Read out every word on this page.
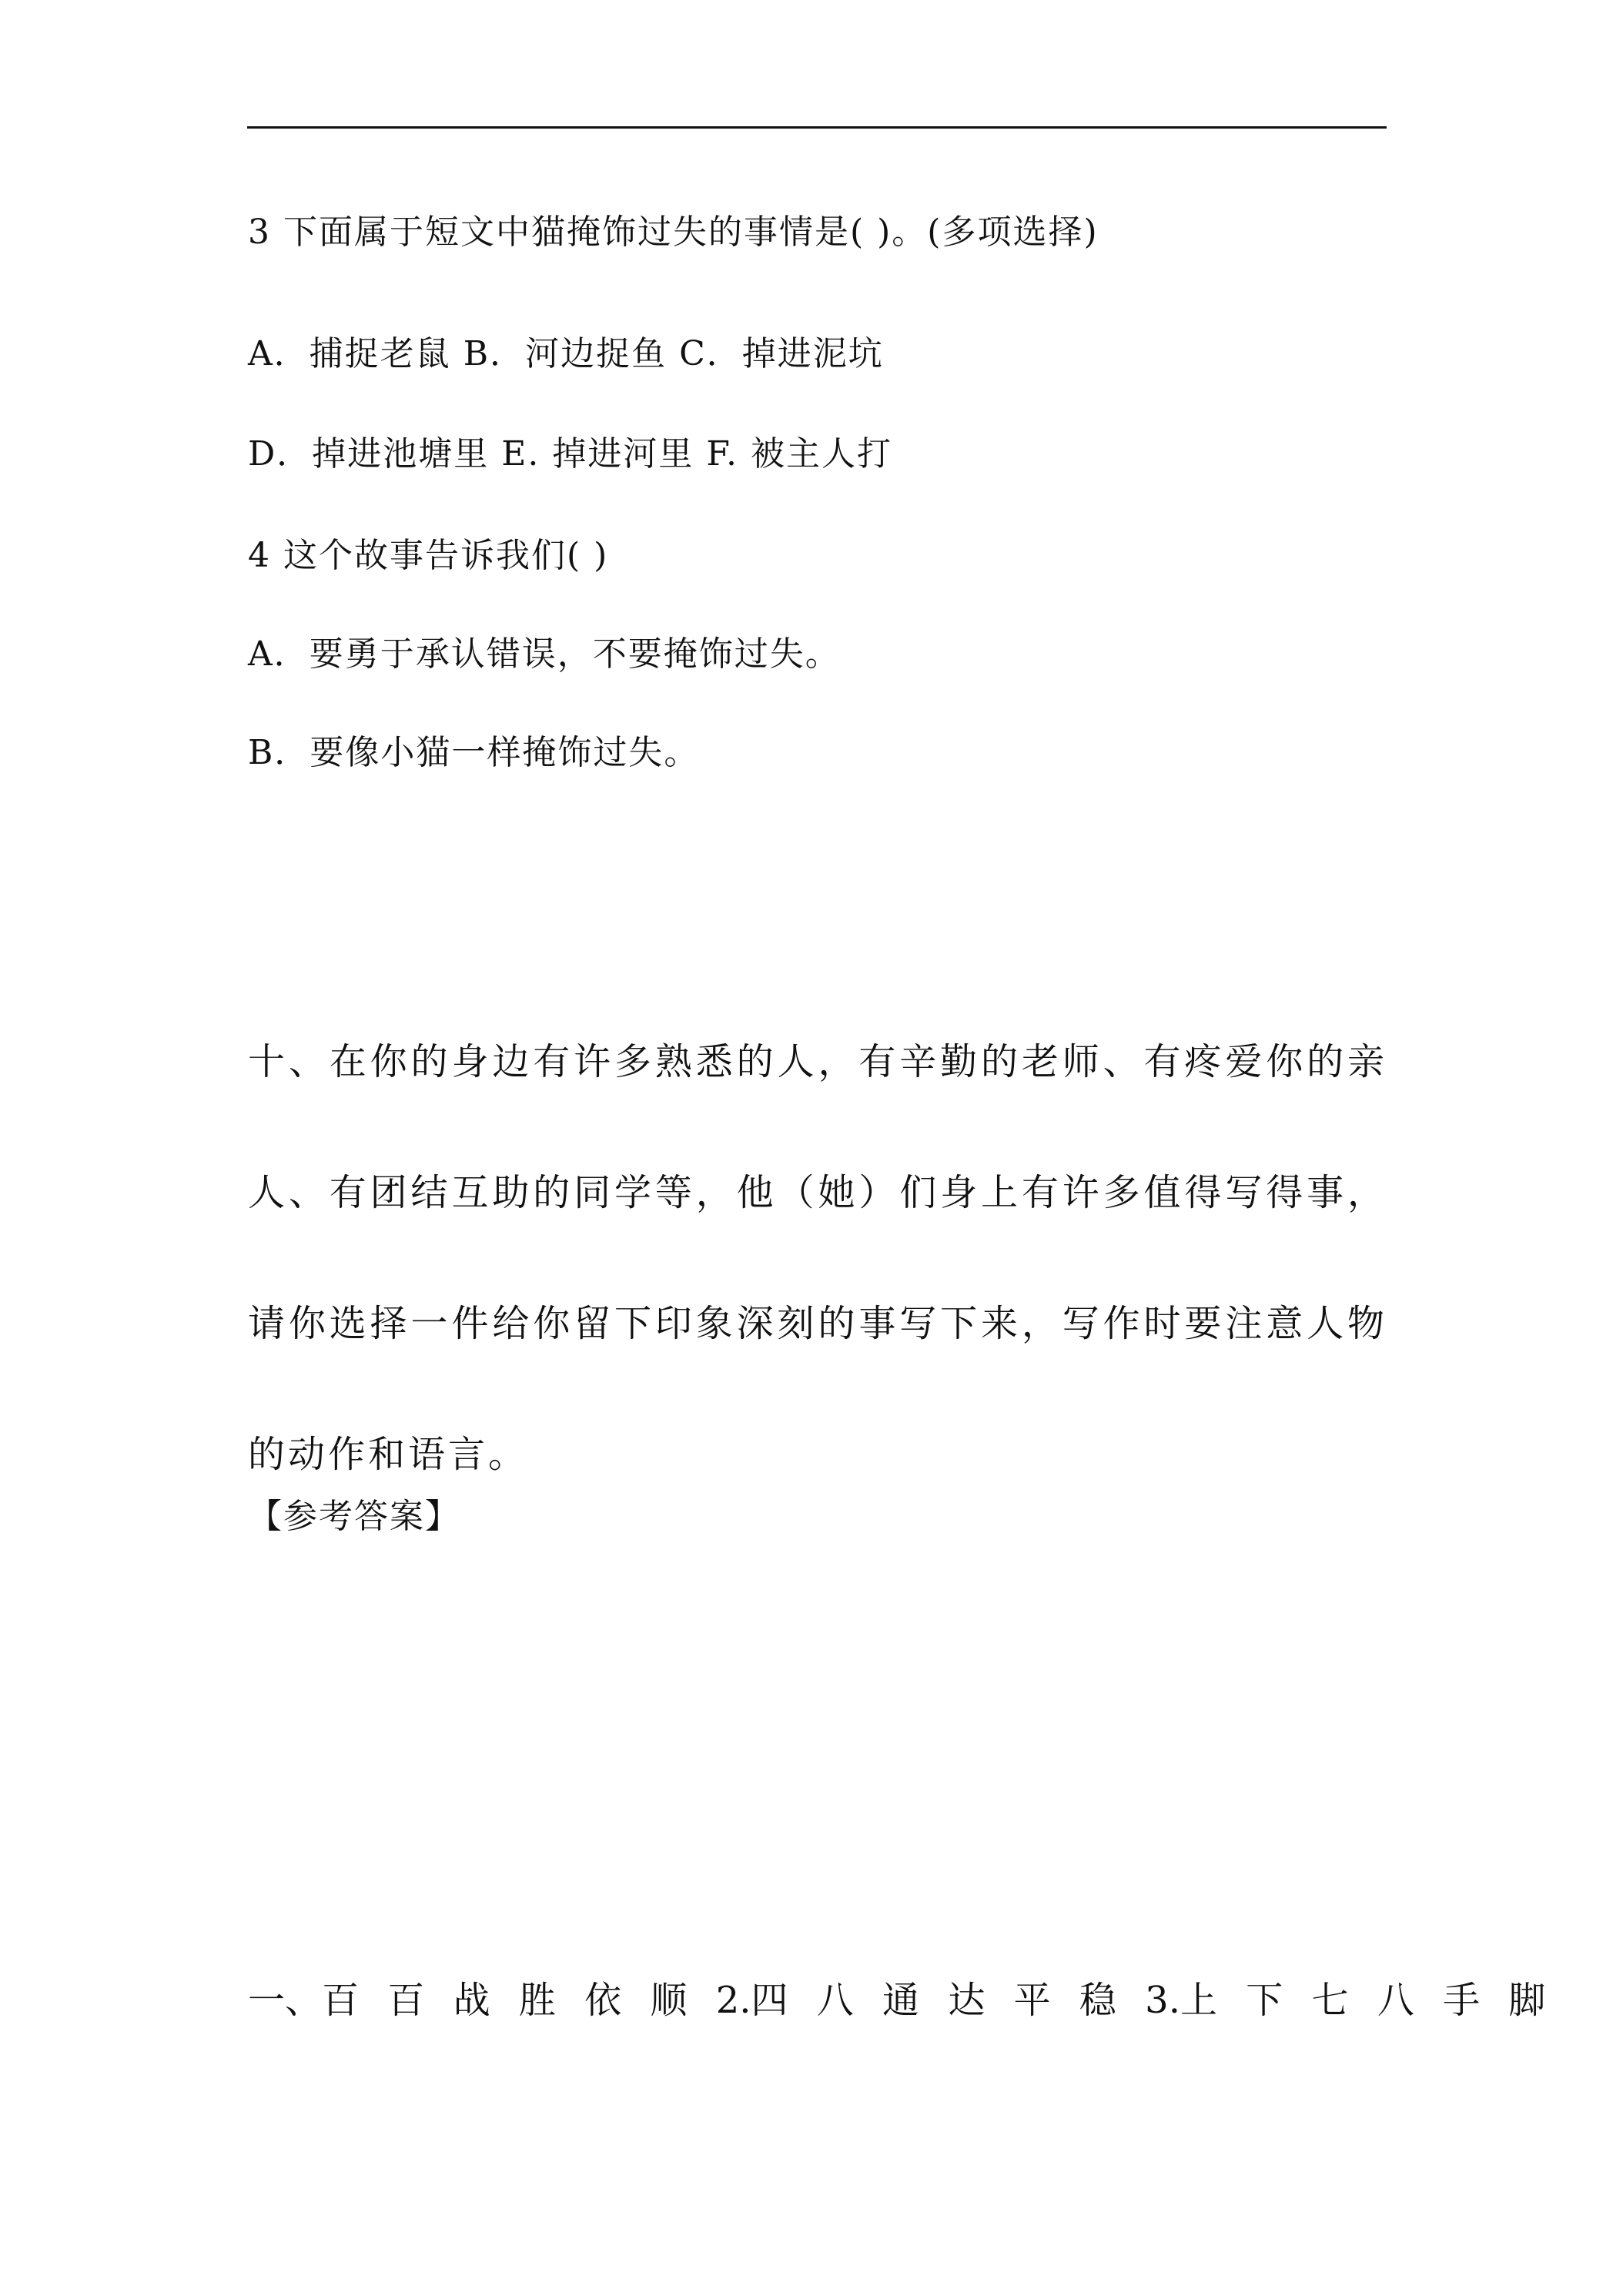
3 下面属于短文中猫掩饰过失的事情是( )。(多项选择)
A．捕捉老鼠 B．河边捉鱼 C．掉进泥坑
D．掉进池塘里 E. 掉进河里 F. 被主人打
4 这个故事告诉我们( )
A．要勇于承认错误，不要掩饰过失。
B．要像小猫一样掩饰过失。
十、在你的身边有许多熟悉的人，有辛勤的老师、有疼爱你的亲人、有团结互助的同学等，他（她）们身上有许多值得写得事，请你选择一件给你留下印象深刻的事写下来，写作时要注意人物的动作和语言。
【参考答案】
一、百 百 战 胜 依 顺 2.四 八 通 达 平 稳 3.上 下 七 八 手 脚
